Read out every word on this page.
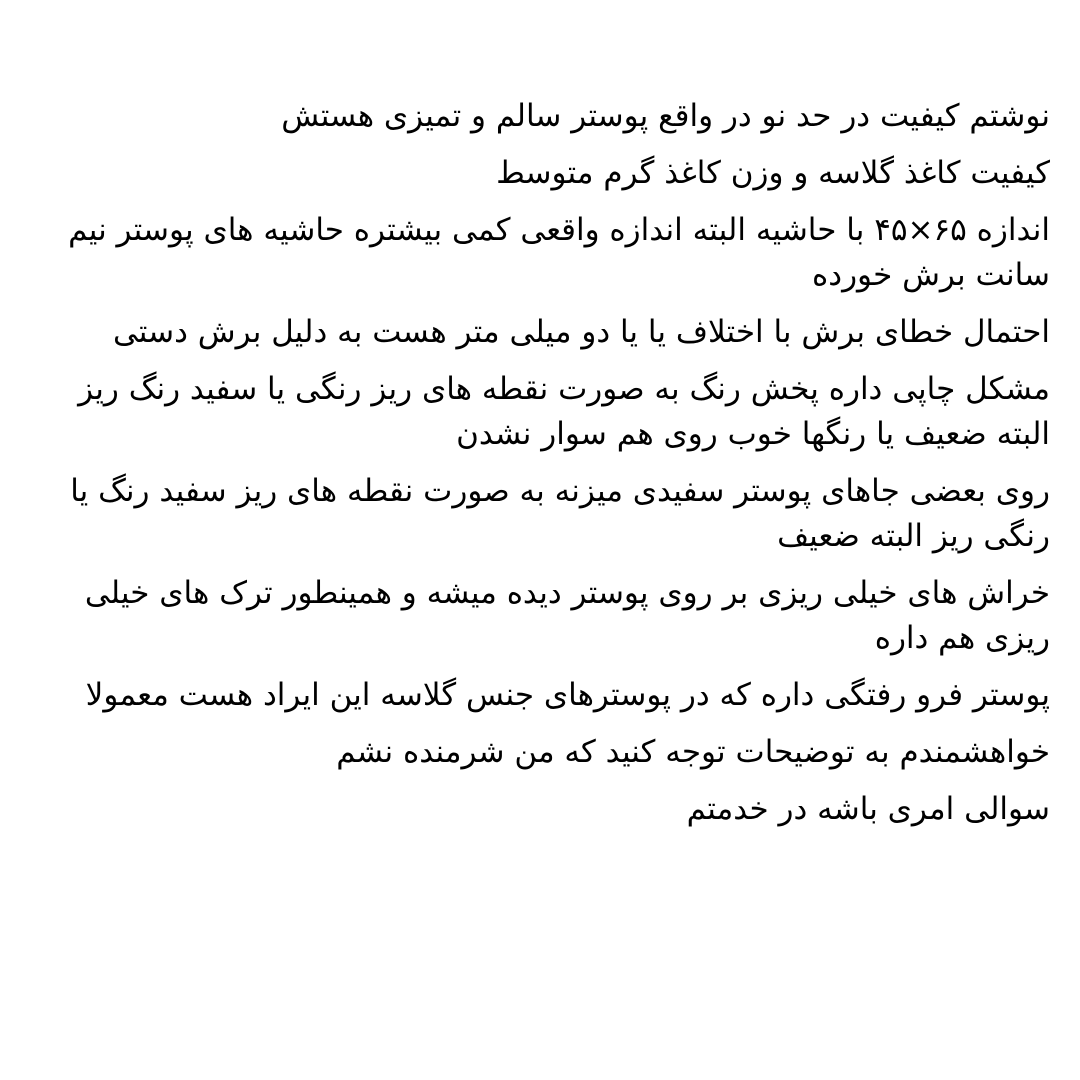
نوشتم کیفیت در حد نو در واقع پوستر سالم و تمیزی هستش

کیفیت کاغذ گلاسه و وزن کاغذ گرم متوسط

اندازه ۶۵×۴۵ با حاشیه البته اندازه واقعی کمی بیشتره حاشیه های پوستر نیم سانت برش خورده

احتمال خطای برش با اختلاف یا یا دو میلی متر هست به دلیل برش دستی

مشکل چاپی داره پخش رنگ به صورت نقطه های ریز رنگی یا سفید رنگ ریز البته ضعیف یا رنگها خوب روی هم سوار نشدن

روی بعضی جاهای پوستر سفیدی میزنه به صورت نقطه های ریز سفید رنگ یا رنگی ریز البته ضعیف

خراش های خیلی ریزی بر روی پوستر دیده میشه و همینطور ترک های خیلی ریزی هم داره

پوستر فرو رفتگی داره که در پوسترهای جنس گلاسه این ایراد هست معمولا

خواهشمندم به توضیحات توجه کنید که من شرمنده نشم

سوالی امری باشه در خدمتم
